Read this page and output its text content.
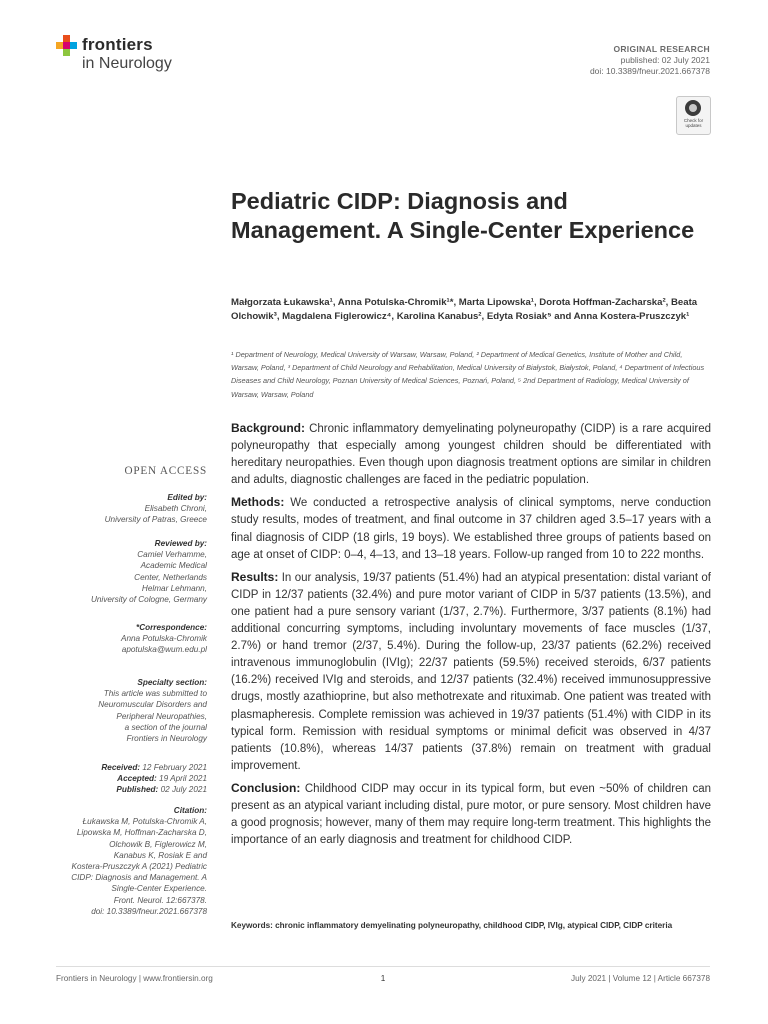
frontiers
in Neurology
ORIGINAL RESEARCH
published: 02 July 2021
doi: 10.3389/fneur.2021.667378
Check for
updates
Pediatric CIDP: Diagnosis and Management. A Single-Center Experience
Małgorzata Łukawska¹, Anna Potulska-Chromik¹*, Marta Lipowska¹, Dorota Hoffman-Zacharska², Beata Olchowik³, Magdalena Figlerowicz⁴, Karolina Kanabus², Edyta Rosiak⁵ and Anna Kostera-Pruszczyk¹
¹ Department of Neurology, Medical University of Warsaw, Warsaw, Poland, ² Department of Medical Genetics, Institute of Mother and Child, Warsaw, Poland, ³ Department of Child Neurology and Rehabilitation, Medical University of Białystok, Białystok, Poland, ⁴ Department of Infectious Diseases and Child Neurology, Poznan University of Medical Sciences, Poznań, Poland, ⁵ 2nd Department of Radiology, Medical University of Warsaw, Warsaw, Poland
OPEN ACCESS
Edited by:
Elisabeth Chroni,
University of Patras, Greece
Reviewed by:
Camiel Verhamme,
Academic Medical
Center, Netherlands
Helmar Lehmann,
University of Cologne, Germany
*Correspondence:
Anna Potulska-Chromik
apotulska@wum.edu.pl
Specialty section:
This article was submitted to
Neuromuscular Disorders and
Peripheral Neuropathies,
a section of the journal
Frontiers in Neurology
Received: 12 February 2021
Accepted: 19 April 2021
Published: 02 July 2021
Citation:
Łukawska M, Potulska-Chromik A,
Lipowska M, Hoffman-Zacharska D,
Olchowik B, Figlerowicz M,
Kanabus K, Rosiak E and
Kostera-Pruszczyk A (2021) Pediatric
CIDP: Diagnosis and Management. A
Single-Center Experience.
Front. Neurol. 12:667378.
doi: 10.3389/fneur.2021.667378

Background: Chronic inflammatory demyelinating polyneuropathy (CIDP) is a rare acquired polyneuropathy that especially among youngest children should be differentiated with hereditary neuropathies. Even though upon diagnosis treatment options are similar in children and adults, diagnostic challenges are faced in the pediatric population.

Methods: We conducted a retrospective analysis of clinical symptoms, nerve conduction study results, modes of treatment, and final outcome in 37 children aged 3.5–17 years with a final diagnosis of CIDP (18 girls, 19 boys). We established three groups of patients based on age at onset of CIDP: 0–4, 4–13, and 13–18 years. Follow-up ranged from 10 to 222 months.

Results: In our analysis, 19/37 patients (51.4%) had an atypical presentation: distal variant of CIDP in 12/37 patients (32.4%) and pure motor variant of CIDP in 5/37 patients (13.5%), and one patient had a pure sensory variant (1/37, 2.7%). Furthermore, 3/37 patients (8.1%) had additional concurring symptoms, including involuntary movements of face muscles (1/37, 2.7%) or hand tremor (2/37, 5.4%). During the follow-up, 23/37 patients (62.2%) received intravenous immunoglobulin (IVIg); 22/37 patients (59.5%) received steroids, 6/37 patients (16.2%) received IVIg and steroids, and 12/37 patients (32.4%) received immunosuppressive drugs, mostly azathioprine, but also methotrexate and rituximab. One patient was treated with plasmapheresis. Complete remission was achieved in 19/37 patients (51.4%) with CIDP in its typical form. Remission with residual symptoms or minimal deficit was observed in 4/37 patients (10.8%), whereas 14/37 patients (37.8%) remain on treatment with gradual improvement.

Conclusion: Childhood CIDP may occur in its typical form, but even ~50% of children can present as an atypical variant including distal, pure motor, or pure sensory. Most children have a good prognosis; however, many of them may require long-term treatment. This highlights the importance of an early diagnosis and treatment for childhood CIDP.

Keywords: chronic inflammatory demyelinating polyneuropathy, childhood CIDP, IVIg, atypical CIDP, CIDP criteria
Frontiers in Neurology | www.frontiersin.org	1	July 2021 | Volume 12 | Article 667378
